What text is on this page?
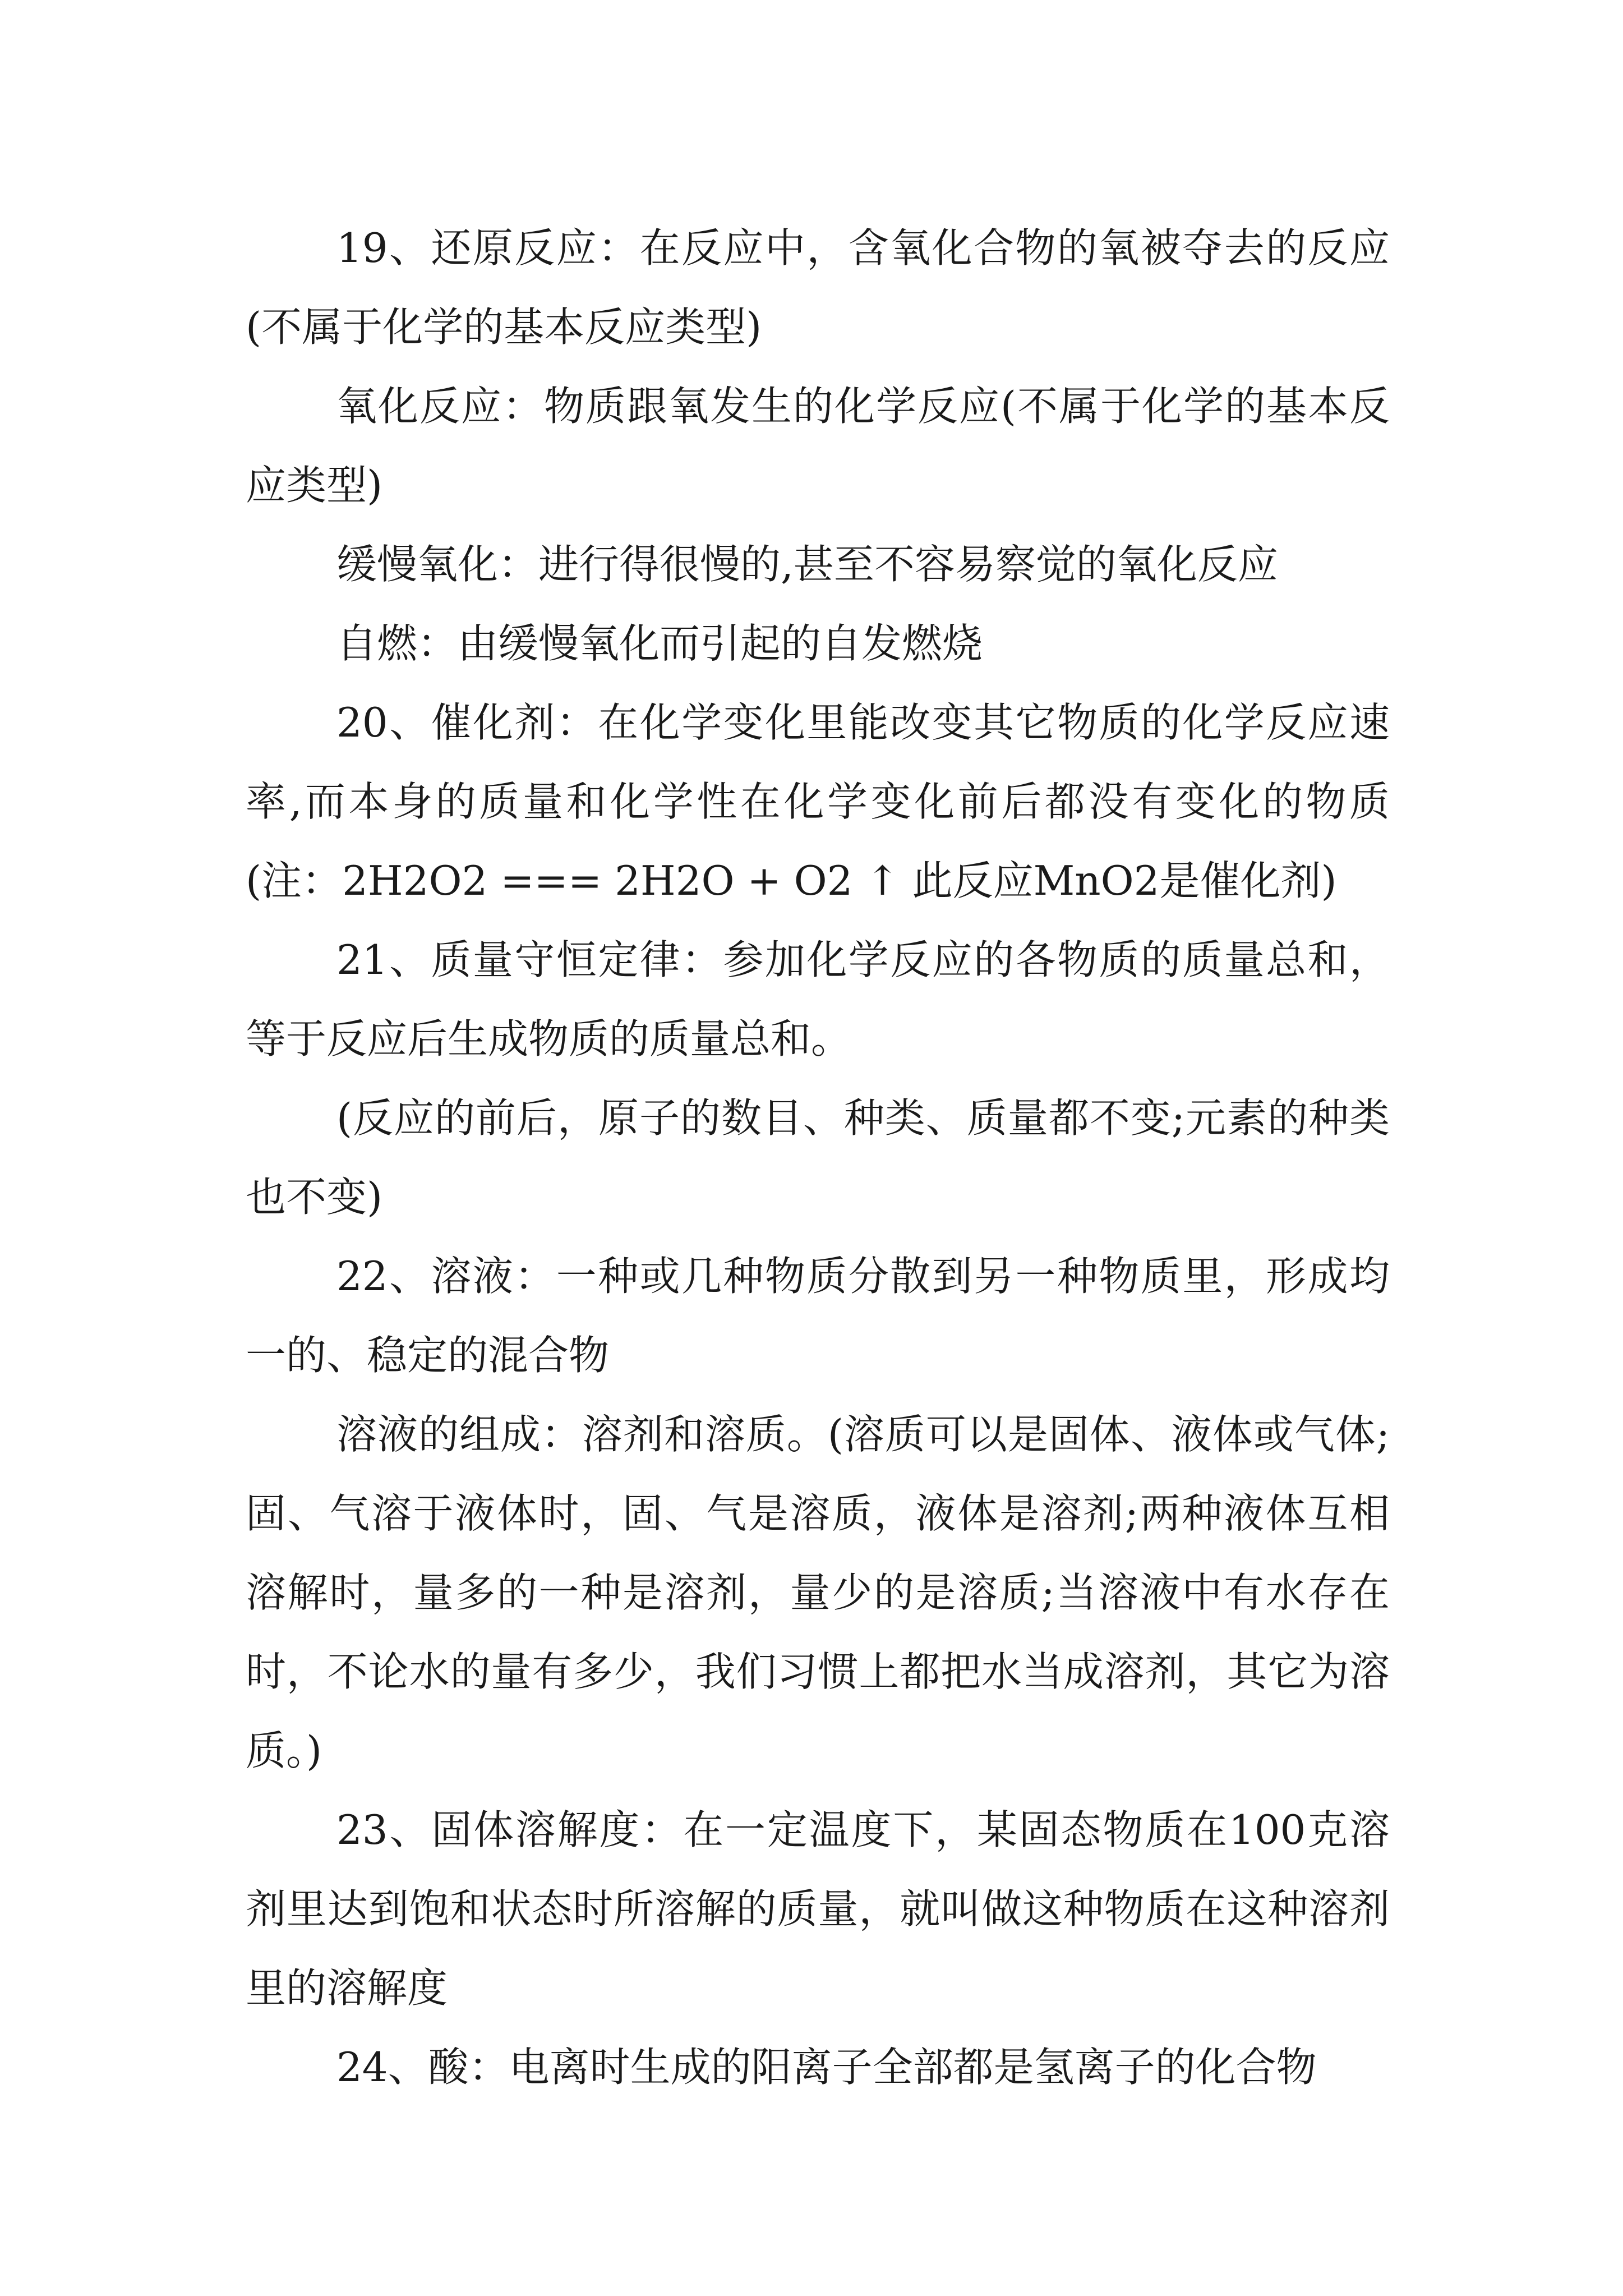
19、还原反应：在反应中，含氧化合物的氧被夺去的反应(不属于化学的基本反应类型)

氧化反应：物质跟氧发生的化学反应(不属于化学的基本反应类型)

缓慢氧化：进行得很慢的,甚至不容易察觉的氧化反应

自燃：由缓慢氧化而引起的自发燃烧

20、催化剂：在化学变化里能改变其它物质的化学反应速率,而本身的质量和化学性在化学变化前后都没有变化的物质(注：2H2O2 === 2H2O + O2 ↑ 此反应MnO2是催化剂)

21、质量守恒定律：参加化学反应的各物质的质量总和，等于反应后生成物质的质量总和。

(反应的前后，原子的数目、种类、质量都不变;元素的种类也不变)

22、溶液：一种或几种物质分散到另一种物质里，形成均一的、稳定的混合物

溶液的组成：溶剂和溶质。(溶质可以是固体、液体或气体;固、气溶于液体时，固、气是溶质，液体是溶剂;两种液体互相溶解时，量多的一种是溶剂，量少的是溶质;当溶液中有水存在时，不论水的量有多少，我们习惯上都把水当成溶剂，其它为溶质。)

23、固体溶解度：在一定温度下，某固态物质在100克溶剂里达到饱和状态时所溶解的质量，就叫做这种物质在这种溶剂里的溶解度

24、酸：电离时生成的阳离子全部都是氢离子的化合物
